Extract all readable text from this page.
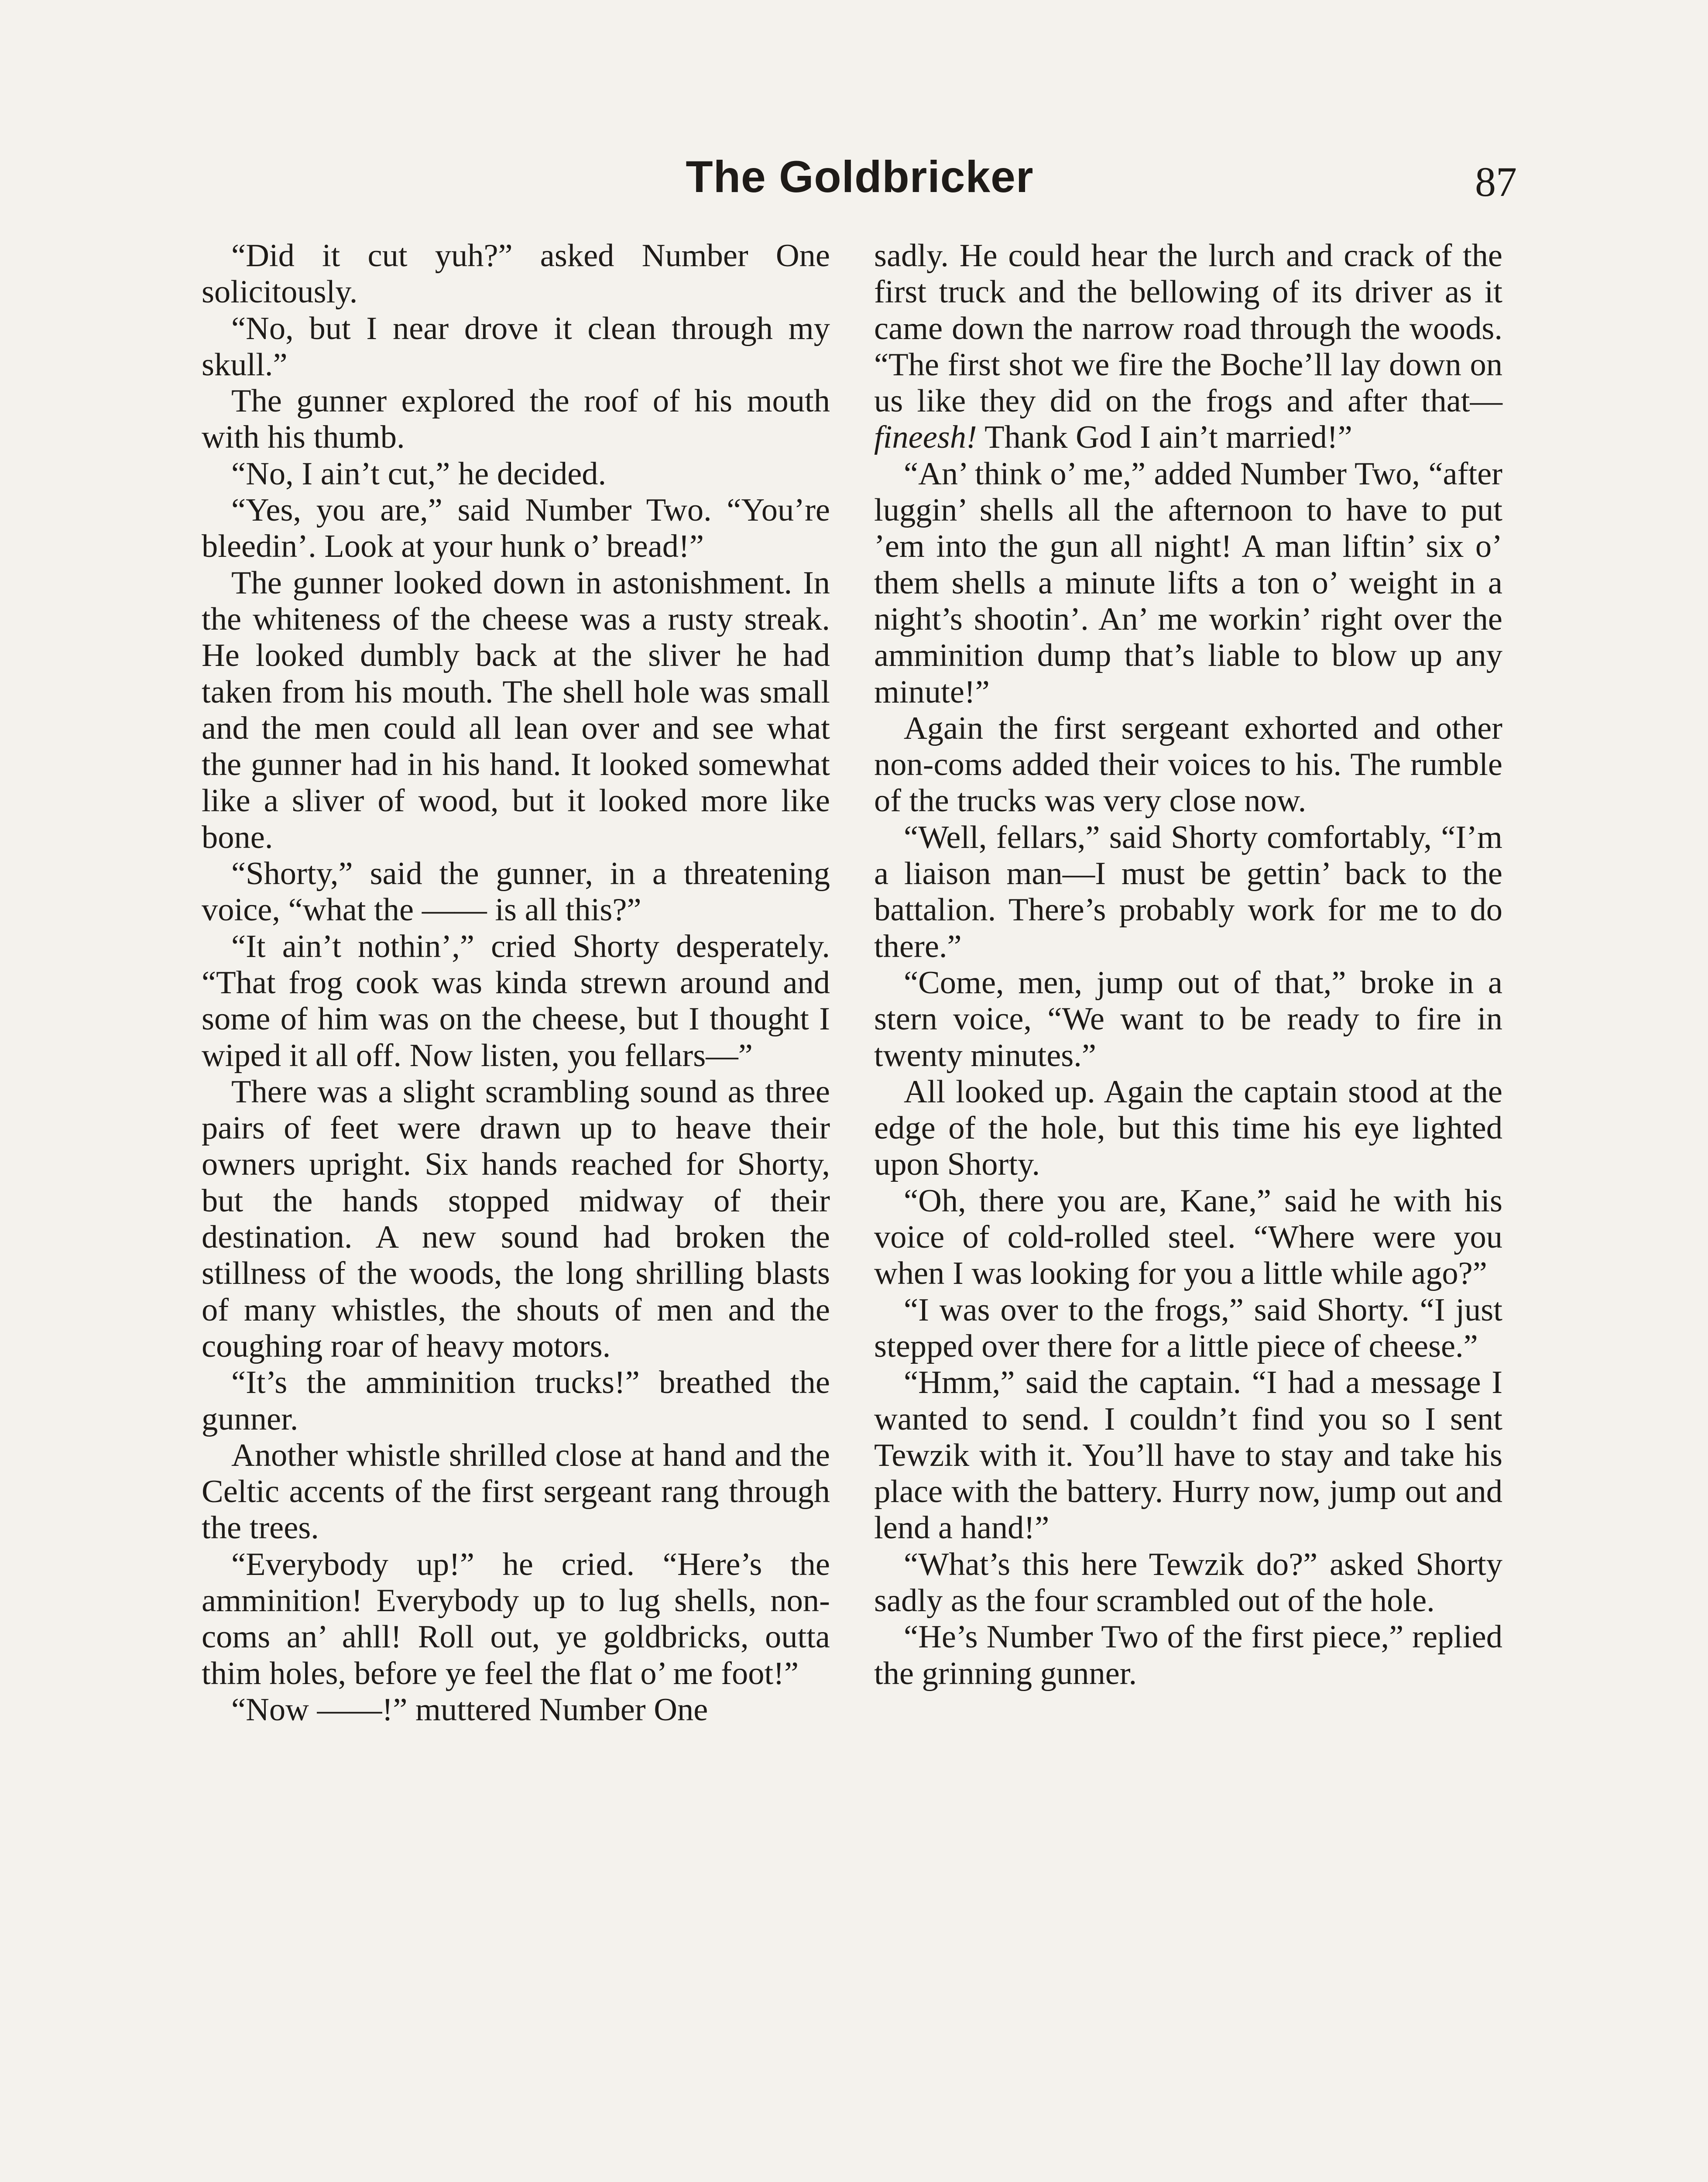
The Goldbricker	87

“Did it cut yuh?” asked Number One solicitously.

“No, but I near drove it clean through my skull.”

The gunner explored the roof of his mouth with his thumb.

“No, I ain’t cut,” he decided.

“Yes, you are,” said Number Two. “You’re bleedin’. Look at your hunk o’ bread!”

The gunner looked down in astonishment. In the whiteness of the cheese was a rusty streak. He looked dumbly back at the sliver he had taken from his mouth. The shell hole was small and the men could all lean over and see what the gunner had in his hand. It looked somewhat like a sliver of wood, but it looked more like bone.

“Shorty,” said the gunner, in a threatening voice, “what the —— is all this?”

“It ain’t nothin’,” cried Shorty desperately. “That frog cook was kinda strewn around and some of him was on the cheese, but I thought I wiped it all off. Now listen, you fellars—”

There was a slight scrambling sound as three pairs of feet were drawn up to heave their owners upright. Six hands reached for Shorty, but the hands stopped midway of their destination. A new sound had broken the stillness of the woods, the long shrilling blasts of many whistles, the shouts of men and the coughing roar of heavy motors.

“It’s the amminition trucks!” breathed the gunner.

Another whistle shrilled close at hand and the Celtic accents of the first sergeant rang through the trees.

“Everybody up!” he cried. “Here’s the amminition! Everybody up to lug shells, non-coms an’ ahll! Roll out, ye goldbricks, outta thim holes, before ye feel the flat o’ me foot!”

“Now ——!” muttered Number One

sadly. He could hear the lurch and crack of the first truck and the bellowing of its driver as it came down the narrow road through the woods. “The first shot we fire the Boche’ll lay down on us like they did on the frogs and after that—fineesh! Thank God I ain’t married!”

“An’ think o’ me,” added Number Two, “after luggin’ shells all the afternoon to have to put ’em into the gun all night! A man liftin’ six o’ them shells a minute lifts a ton o’ weight in a night’s shootin’. An’ me workin’ right over the amminition dump that’s liable to blow up any minute!”

Again the first sergeant exhorted and other non-coms added their voices to his. The rumble of the trucks was very close now.

“Well, fellars,” said Shorty comfortably, “I’m a liaison man—I must be gettin’ back to the battalion. There’s probably work for me to do there.”

“Come, men, jump out of that,” broke in a stern voice, “We want to be ready to fire in twenty minutes.”

All looked up. Again the captain stood at the edge of the hole, but this time his eye lighted upon Shorty.

“Oh, there you are, Kane,” said he with his voice of cold-rolled steel. “Where were you when I was looking for you a little while ago?”

“I was over to the frogs,” said Shorty. “I just stepped over there for a little piece of cheese.”

“Hmm,” said the captain. “I had a message I wanted to send. I couldn’t find you so I sent Tewzik with it. You’ll have to stay and take his place with the battery. Hurry now, jump out and lend a hand!”

“What’s this here Tewzik do?” asked Shorty sadly as the four scrambled out of the hole.

“He’s Number Two of the first piece,” replied the grinning gunner.
